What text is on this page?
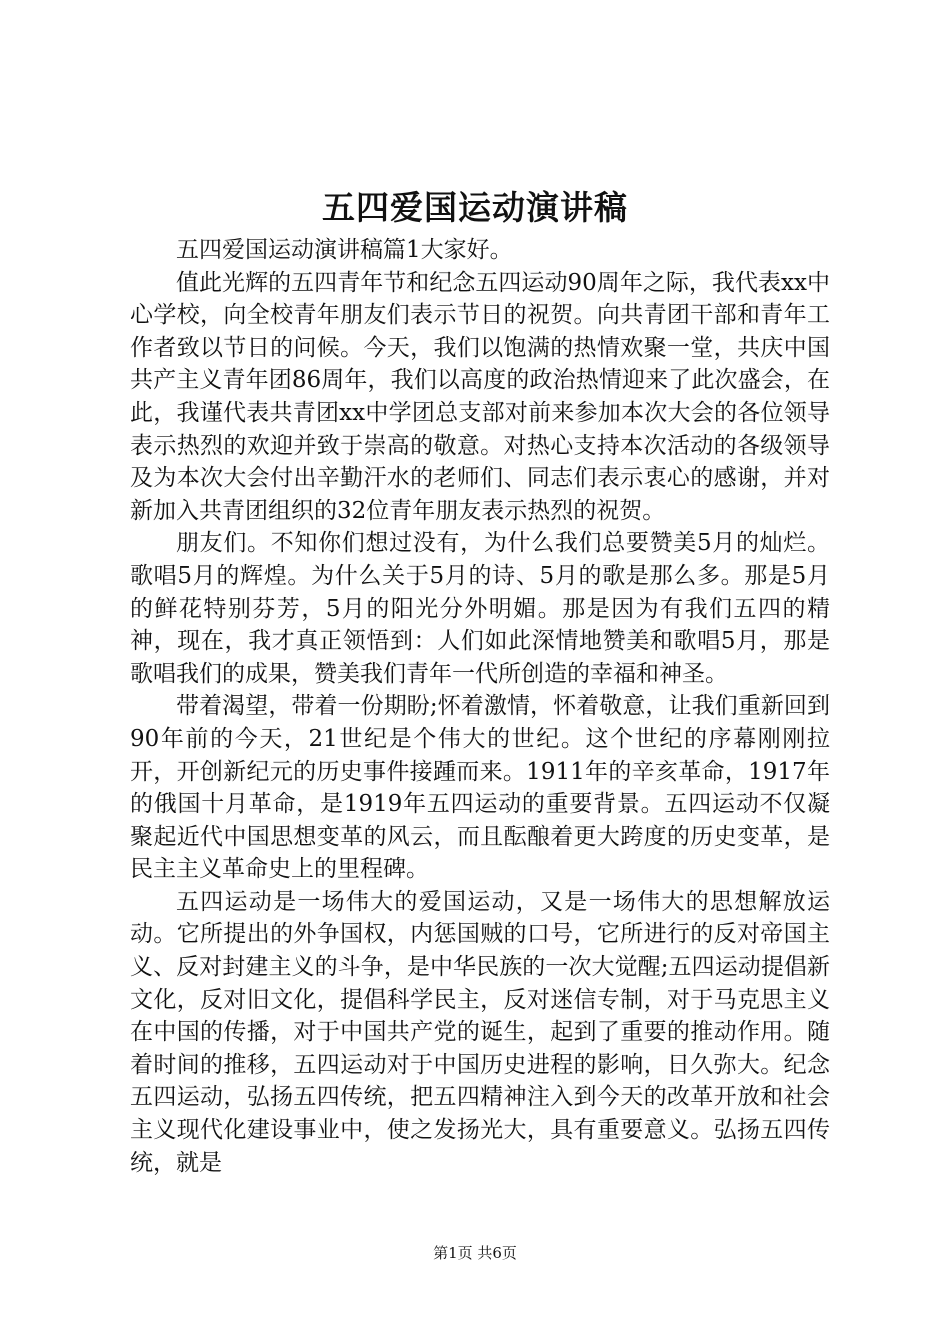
五四爱国运动演讲稿

五四爱国运动演讲稿篇1大家好。

值此光辉的五四青年节和纪念五四运动90周年之际，我代表xx中心学校，向全校青年朋友们表示节日的祝贺。向共青团干部和青年工作者致以节日的问候。今天，我们以饱满的热情欢聚一堂，共庆中国共产主义青年团86周年，我们以高度的政治热情迎来了此次盛会，在此，我谨代表共青团xx中学团总支部对前来参加本次大会的各位领导表示热烈的欢迎并致于崇高的敬意。对热心支持本次活动的各级领导及为本次大会付出辛勤汗水的老师们、同志们表示衷心的感谢，并对新加入共青团组织的32位青年朋友表示热烈的祝贺。

朋友们。不知你们想过没有，为什么我们总要赞美5月的灿烂。歌唱5月的辉煌。为什么关于5月的诗、5月的歌是那么多。那是5月的鲜花特别芬芳，5月的阳光分外明媚。那是因为有我们五四的精神，现在，我才真正领悟到：人们如此深情地赞美和歌唱5月，那是歌唱我们的成果，赞美我们青年一代所创造的幸福和神圣。

带着渴望，带着一份期盼;怀着激情，怀着敬意，让我们重新回到90年前的今天，21世纪是个伟大的世纪。这个世纪的序幕刚刚拉开，开创新纪元的历史事件接踵而来。1911年的辛亥革命，1917年的俄国十月革命，是1919年五四运动的重要背景。五四运动不仅凝聚起近代中国思想变革的风云，而且酝酿着更大跨度的历史变革，是民主主义革命史上的里程碑。

五四运动是一场伟大的爱国运动，又是一场伟大的思想解放运动。它所提出的外争国权，内惩国贼的口号，它所进行的反对帝国主义、反对封建主义的斗争，是中华民族的一次大觉醒;五四运动提倡新文化，反对旧文化，提倡科学民主，反对迷信专制，对于马克思主义在中国的传播，对于中国共产党的诞生，起到了重要的推动作用。随着时间的推移，五四运动对于中国历史进程的影响，日久弥大。纪念五四运动，弘扬五四传统，把五四精神注入到今天的改革开放和社会主义现代化建设事业中，使之发扬光大，具有重要意义。弘扬五四传统，就是

第1页 共6页
